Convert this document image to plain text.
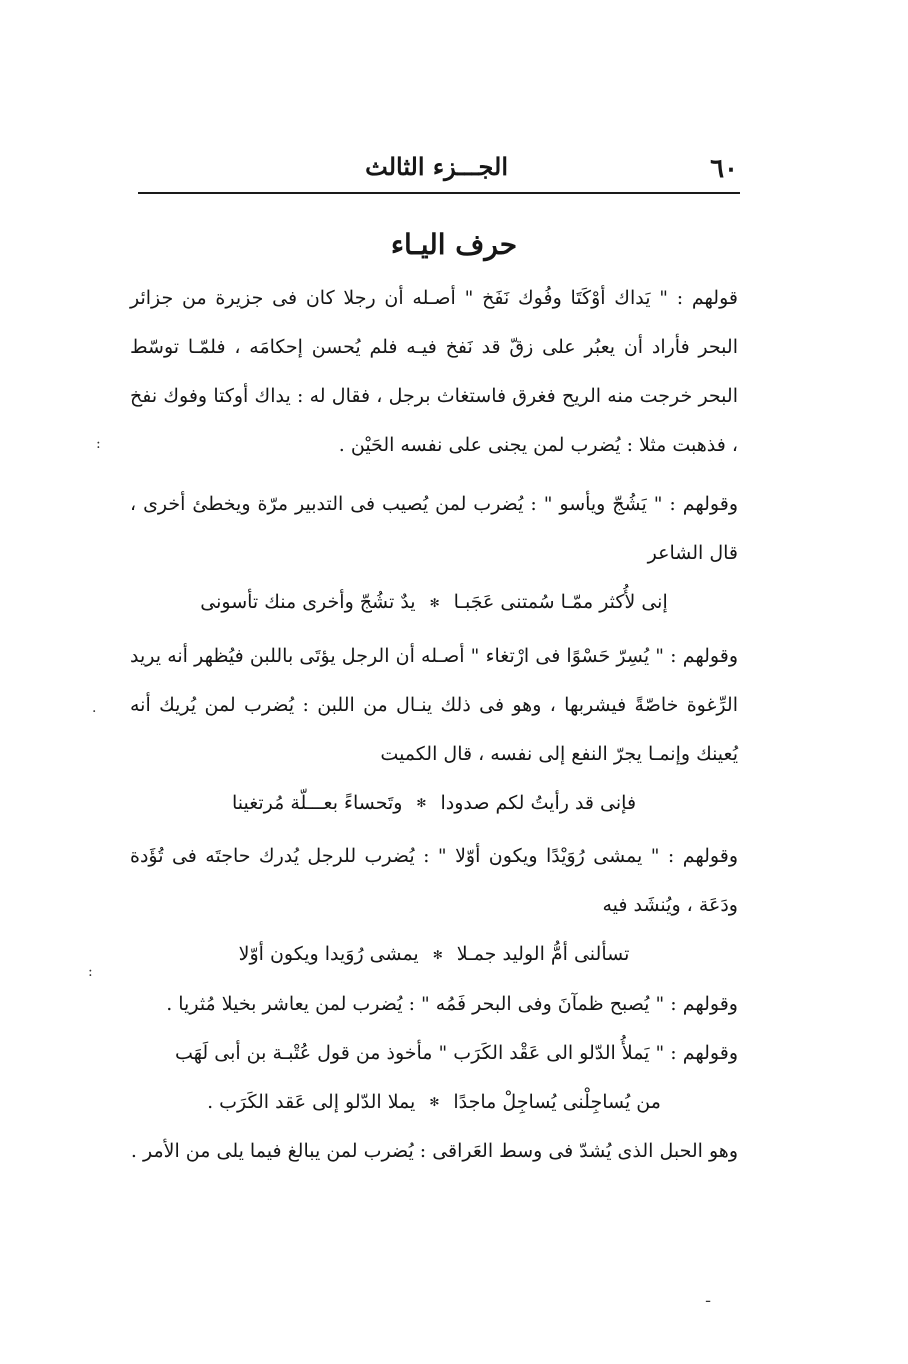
٦٠
الجـــزء الثالث
حرف اليـاء

قولهم : " يَداك أوْكَتَا وفُوك نَفَخ " أصـله أن رجلا كان فى جزيرة من جزائر البحر فأراد أن يعبُر على زقّ قد نَفخ فيـه فلم يُحسن إحكامَه ، فلمّـا توسّط البحر خرجت منه الريح فغرق فاستغاث برجل ، فقال له : يداك أوكتا وفوك نفخ ، فذهبت مثلا : يُضرب لمن يجنى على نفسه الحَيْن .

وقولهم : " يَشُجّ ويأسو " : يُضرب لمن يُصيب فى التدبير مرّة ويخطئ أخرى ، قال الشاعر

إنى لأُكثر ممّـا سُمتنى عَجَبـا✻يدٌ تشُجّ وأخرى منك تأسونى

وقولهم : " يُسِرّ حَسْوًا فى ارْتغاء " أصـله أن الرجل يؤتَى باللبن فيُظهر أنه يريد الرِّغوة خاصّةً فيشربها ، وهو فى ذلك ينـال من اللبن : يُضرب لمن يُريك أنه يُعينك وإنمـا يجرّ النفع إلى نفسه ، قال الكميت

فإنى قد رأيتُ لكم صدودا✻وتَحساءً بعـــلّة مُرتغينا

وقولهم : " يمشى رُوَيْدًا ويكون أوّلا " : يُضرب للرجل يُدرك حاجتَه فى تُؤَدة ودَعَة ، ويُنشَد فيه

تسألنى أمُّ الوليد جمـلا✻يمشى رُوَيدا ويكون أوّلا

وقولهم : " يُصبح ظمآنَ وفى البحر فَمُه " : يُضرب لمن يعاشر بخيلا مُثريا .

وقولهم : " يَملأُ الدّلو الى عَقْد الكَرَب " مأخوذ من قول عُتْبـة بن أبى لَهَب

من يُساجِلْنى يُساجِلْ ماجدًا✻يملا الدّلو إلى عَقد الكَرَب .

وهو الحبل الذى يُشدّ فى وسط العَراقى : يُضرب لمن يبالغ فيما يلى من الأمر .

:
·
:
ـ
